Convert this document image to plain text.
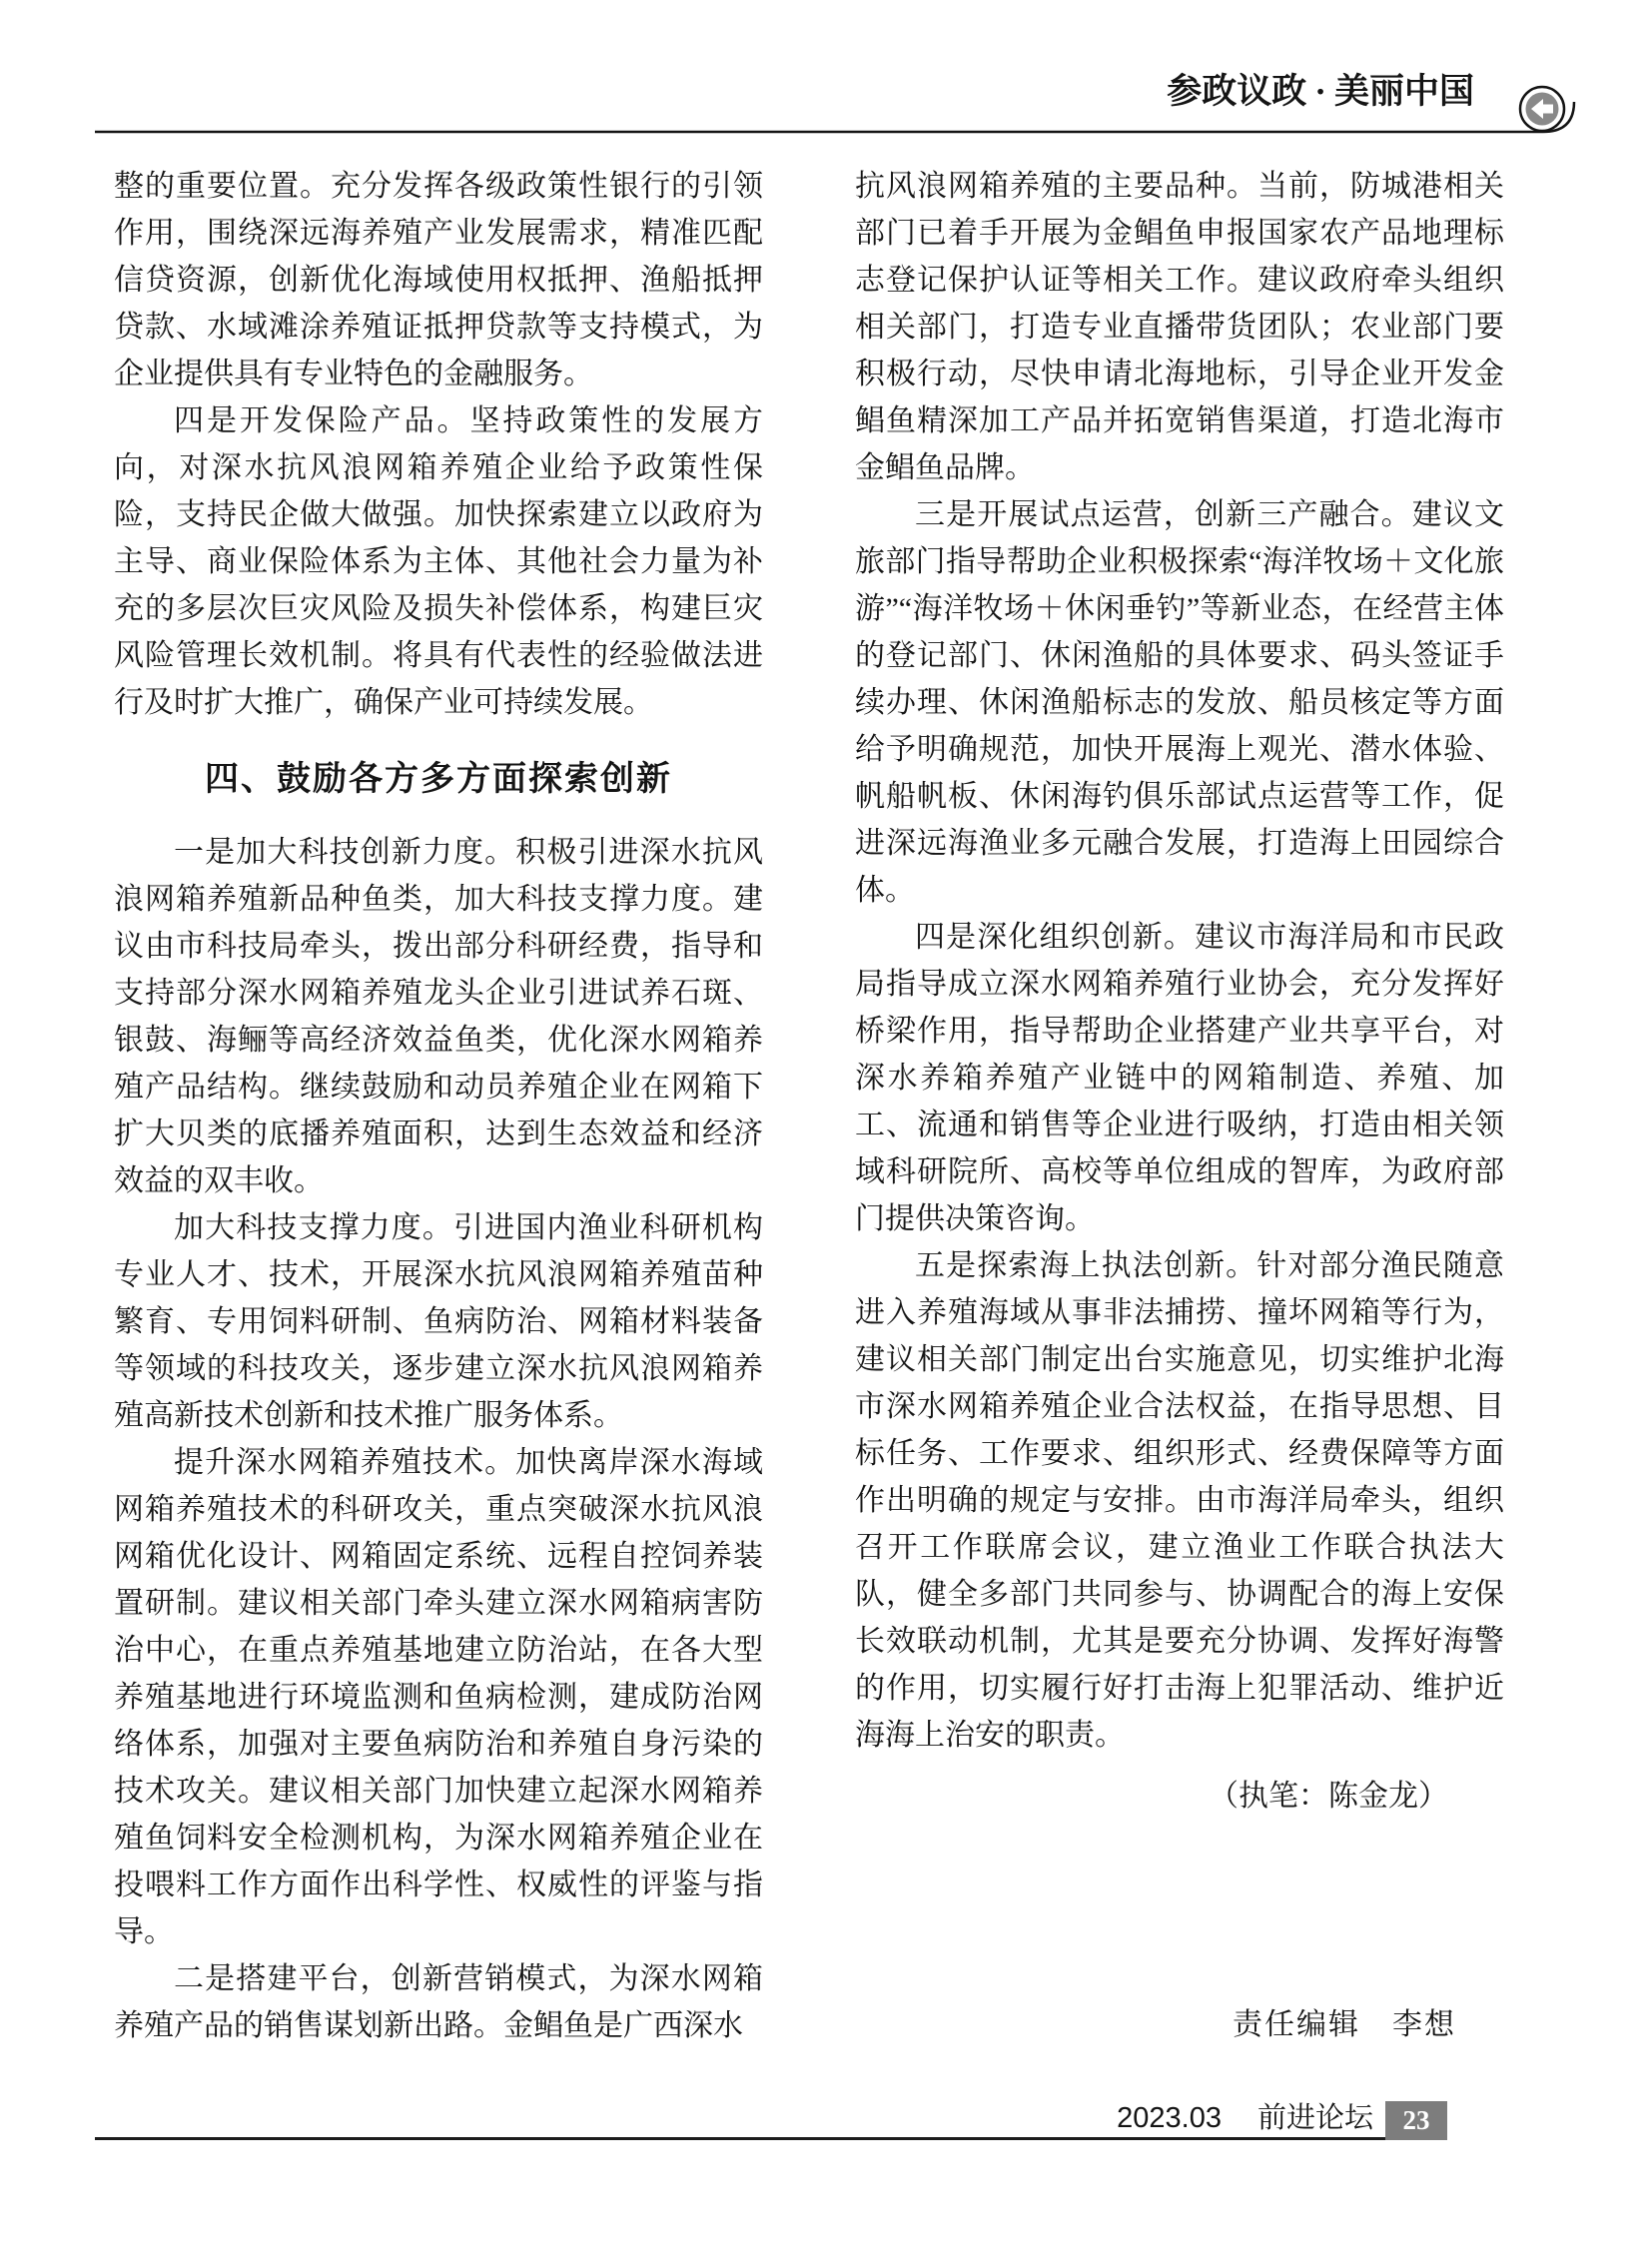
参政议政 · 美丽中国

整的重要位置。充分发挥各级政策性银行的引领作用，围绕深远海养殖产业发展需求，精准匹配信贷资源，创新优化海域使用权抵押、渔船抵押贷款、水域滩涂养殖证抵押贷款等支持模式，为企业提供具有专业特色的金融服务。

四是开发保险产品。坚持政策性的发展方向，对深水抗风浪网箱养殖企业给予政策性保险，支持民企做大做强。加快探索建立以政府为主导、商业保险体系为主体、其他社会力量为补充的多层次巨灾风险及损失补偿体系，构建巨灾风险管理长效机制。将具有代表性的经验做法进行及时扩大推广，确保产业可持续发展。

四、鼓励各方多方面探索创新

一是加大科技创新力度。积极引进深水抗风浪网箱养殖新品种鱼类，加大科技支撑力度。建议由市科技局牵头，拨出部分科研经费，指导和支持部分深水网箱养殖龙头企业引进试养石斑、银鼓、海鲡等高经济效益鱼类，优化深水网箱养殖产品结构。继续鼓励和动员养殖企业在网箱下扩大贝类的底播养殖面积，达到生态效益和经济效益的双丰收。

加大科技支撑力度。引进国内渔业科研机构专业人才、技术，开展深水抗风浪网箱养殖苗种繁育、专用饲料研制、鱼病防治、网箱材料装备等领域的科技攻关，逐步建立深水抗风浪网箱养殖高新技术创新和技术推广服务体系。

提升深水网箱养殖技术。加快离岸深水海域网箱养殖技术的科研攻关，重点突破深水抗风浪网箱优化设计、网箱固定系统、远程自控饲养装置研制。建议相关部门牵头建立深水网箱病害防治中心，在重点养殖基地建立防治站，在各大型养殖基地进行环境监测和鱼病检测，建成防治网络体系，加强对主要鱼病防治和养殖自身污染的技术攻关。建议相关部门加快建立起深水网箱养殖鱼饲料安全检测机构，为深水网箱养殖企业在投喂料工作方面作出科学性、权威性的评鉴与指导。

二是搭建平台，创新营销模式，为深水网箱养殖产品的销售谋划新出路。金鲳鱼是广西深水

抗风浪网箱养殖的主要品种。当前，防城港相关部门已着手开展为金鲳鱼申报国家农产品地理标志登记保护认证等相关工作。建议政府牵头组织相关部门，打造专业直播带货团队；农业部门要积极行动，尽快申请北海地标，引导企业开发金鲳鱼精深加工产品并拓宽销售渠道，打造北海市金鲳鱼品牌。

三是开展试点运营，创新三产融合。建议文旅部门指导帮助企业积极探索“海洋牧场＋文化旅游”“海洋牧场＋休闲垂钓”等新业态，在经营主体的登记部门、休闲渔船的具体要求、码头签证手续办理、休闲渔船标志的发放、船员核定等方面给予明确规范，加快开展海上观光、潜水体验、帆船帆板、休闲海钓俱乐部试点运营等工作，促进深远海渔业多元融合发展，打造海上田园综合体。

四是深化组织创新。建议市海洋局和市民政局指导成立深水网箱养殖行业协会，充分发挥好桥梁作用，指导帮助企业搭建产业共享平台，对深水养箱养殖产业链中的网箱制造、养殖、加工、流通和销售等企业进行吸纳，打造由相关领域科研院所、高校等单位组成的智库，为政府部门提供决策咨询。

五是探索海上执法创新。针对部分渔民随意进入养殖海域从事非法捕捞、撞坏网箱等行为，建议相关部门制定出台实施意见，切实维护北海市深水网箱养殖企业合法权益，在指导思想、目标任务、工作要求、组织形式、经费保障等方面作出明确的规定与安排。由市海洋局牵头，组织召开工作联席会议，建立渔业工作联合执法大队，健全多部门共同参与、协调配合的海上安保长效联动机制，尤其是要充分协调、发挥好海警的作用，切实履行好打击海上犯罪活动、维护近海海上治安的职责。

（执笔：陈金龙）
责任编辑　李想
2023.03 前进论坛	23
